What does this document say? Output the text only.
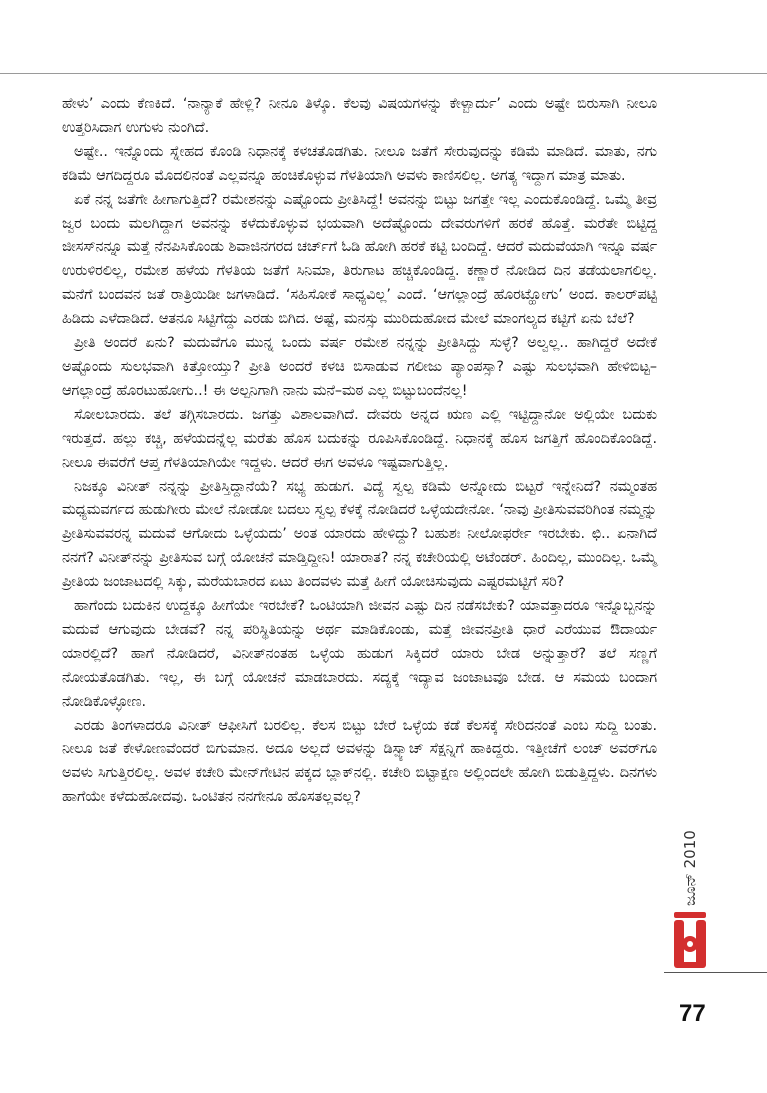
ಹೇಳು’ ಎಂದು ಕೆಣಕಿದೆ. ‘ನಾನ್ಯಾಕೆ ಹೇಳ್ಲಿ? ನೀನೂ ತಿಳ್ಕೊ. ಕೆಲವು ವಿಷಯಗಳನ್ನು ಕೇಳ್ಬಾರ್ದು’ ಎಂದು ಅಷ್ಟೇ ಬಿರುಸಾಗಿ ನೀಲೂ ಉತ್ತರಿಸಿದಾಗ ಉಗುಳು ನುಂಗಿದೆ.

ಅಷ್ಟೇ.. ಇನ್ನೊಂದು ಸ್ನೇಹದ ಕೊಂಡಿ ನಿಧಾನಕ್ಕೆ ಕಳಚತೊಡಗಿತು. ನೀಲೂ ಜತೆಗೆ ಸೇರುವುದನ್ನು ಕಡಿಮೆ ಮಾಡಿದೆ. ಮಾತು, ನಗು ಕಡಿಮೆ ಆಗದಿದ್ದರೂ ಮೊದಲಿನಂತೆ ಎಲ್ಲವನ್ನೂ ಹಂಚಿಕೊಳ್ಳುವ ಗೆಳತಿಯಾಗಿ ಅವಳು ಕಾಣಿಸಲಿಲ್ಲ. ಅಗತ್ಯ ಇದ್ದಾಗ ಮಾತ್ರ ಮಾತು.

ಏಕೆ ನನ್ನ ಜತೆಗೇ ಹೀಗಾಗುತ್ತಿದೆ? ರಮೇಶನನ್ನು ಎಷ್ಟೊಂದು ಪ್ರೀತಿಸಿದ್ದೆ! ಅವನನ್ನು ಬಿಟ್ಟು ಜಗತ್ತೇ ಇಲ್ಲ ಎಂದುಕೊಂಡಿದ್ದೆ. ಒಮ್ಮೆ ತೀವ್ರ ಜ್ವರ ಬಂದು ಮಲಗಿದ್ದಾಗ ಅವನನ್ನು ಕಳೆದುಕೊಳ್ಳುವ ಭಯವಾಗಿ ಅದೆಷ್ಟೊಂದು ದೇವರುಗಳಿಗೆ ಹರಕೆ ಹೊತ್ತೆ. ಮರೆತೇ ಬಿಟ್ಟಿದ್ದ ಜೀಸಸ್‌ನನ್ನೂ ಮತ್ತೆ ನೆನಪಿಸಿಕೊಂಡು ಶಿವಾಜಿನಗರದ ಚರ್ಚ್‌ಗೆ ಓಡಿ ಹೋಗಿ ಹರಕೆ ಕಟ್ಟಿ ಬಂದಿದ್ದೆ. ಆದರೆ ಮದುವೆಯಾಗಿ ಇನ್ನೂ ವರ್ಷ ಉರುಳಿರಲಿಲ್ಲ, ರಮೇಶ ಹಳೆಯ ಗೆಳತಿಯ ಜತೆಗೆ ಸಿನಿಮಾ, ತಿರುಗಾಟ ಹಚ್ಚಿಕೊಂಡಿದ್ದ. ಕಣ್ಣಾರೆ ನೋಡಿದ ದಿನ ತಡೆಯಲಾಗಲಿಲ್ಲ. ಮನೆಗೆ ಬಂದವನ ಜತೆ ರಾತ್ರಿಯಿಡೀ ಜಗಳಾಡಿದೆ. ‘ಸಹಿಸೋಕೆ ಸಾಧ್ಯವಿಲ್ಲ’ ಎಂದೆ. ‘ಆಗಲ್ಲಾಂದ್ರೆ ಹೊರಟ್ಹೋಗು’ ಅಂದ. ಕಾಲರ್‌ಪಟ್ಟಿ ಹಿಡಿದು ಎಳೆದಾಡಿದೆ. ಆತನೂ ಸಿಟ್ಟಿಗೆದ್ದು ಎರಡು ಬಿಗಿದ. ಅಷ್ಟೆ, ಮನಸ್ಸು ಮುರಿದುಹೋದ ಮೇಲೆ ಮಾಂಗಲ್ಯದ ಕಟ್ಟಿಗೆ ಏನು ಬೆಲೆ?

ಪ್ರೀತಿ ಅಂದರೆ ಏನು? ಮದುವೆಗೂ ಮುನ್ನ ಒಂದು ವರ್ಷ ರಮೇಶ ನನ್ನನ್ನು ಪ್ರೀತಿಸಿದ್ದು ಸುಳ್ಳೆ? ಅಲ್ವಲ್ಲ.. ಹಾಗಿದ್ದರೆ ಅದೇಕೆ ಅಷ್ಟೊಂದು ಸುಲಭವಾಗಿ ಕಿತ್ತೋಯ್ತು? ಪ್ರೀತಿ ಅಂದರೆ ಕಳಚಿ ಬಿಸಾಡುವ ಗಲೀಜು ಪ್ಯಾಂಪಸ್ಸಾ? ಎಷ್ಟು ಸುಲಭವಾಗಿ ಹೇಳಿಬಿಟ್ಟ– ಆಗಲ್ಲಾಂದ್ರೆ ಹೊರಟುಹೋಗು..! ಈ ಅಲ್ಪನಿಗಾಗಿ ನಾನು ಮನೆ–ಮಠ ಎಲ್ಲ ಬಿಟ್ಟುಬಂದೆನಲ್ಲ!

ಸೋಲಬಾರದು. ತಲೆ ತಗ್ಗಿಸಬಾರದು. ಜಗತ್ತು ವಿಶಾಲವಾಗಿದೆ. ದೇವರು ಅನ್ನದ ಋಣ ಎಲ್ಲಿ ಇಟ್ಟಿದ್ದಾನೋ ಅಲ್ಲಿಯೇ ಬದುಕು ಇರುತ್ತದೆ. ಹಲ್ಲು ಕಚ್ಚಿ, ಹಳೆಯದನ್ನೆಲ್ಲ ಮರೆತು ಹೊಸ ಬದುಕನ್ನು ರೂಪಿಸಿಕೊಂಡಿದ್ದೆ. ನಿಧಾನಕ್ಕೆ ಹೊಸ ಜಗತ್ತಿಗೆ ಹೊಂದಿಕೊಂಡಿದ್ದೆ. ನೀಲೂ ಈವರೆಗೆ ಆಪ್ತ ಗೆಳತಿಯಾಗಿಯೇ ಇದ್ದಳು. ಆದರೆ ಈಗ ಅವಳೂ ಇಷ್ಟವಾಗುತ್ತಿಲ್ಲ.

ನಿಜಕ್ಕೂ ವಿನೀತ್ ನನ್ನನ್ನು ಪ್ರೀತಿಸ್ತಿದ್ದಾನೆಯೆ? ಸಭ್ಯ ಹುಡುಗ. ವಿದ್ಯೆ ಸ್ವಲ್ಪ ಕಡಿಮೆ ಅನ್ನೋದು ಬಿಟ್ಟರೆ ಇನ್ನೇನಿದೆ? ನಮ್ಮಂತಹ ಮಧ್ಯಮವರ್ಗದ ಹುಡುಗೀರು ಮೇಲೆ ನೋಡೋ ಬದಲು ಸ್ವಲ್ಪ ಕೆಳಕ್ಕೆ ನೋಡಿದರೆ ಒಳ್ಳೆಯದೇನೋ. ‘ನಾವು ಪ್ರೀತಿಸುವವರಿಗಿಂತ ನಮ್ಮನ್ನು ಪ್ರೀತಿಸುವವರನ್ನ ಮದುವೆ ಆಗೋದು ಒಳ್ಳೆಯದು’ ಅಂತ ಯಾರದು ಹೇಳಿದ್ದು? ಬಹುಶಃ ನೀಲೋಫರ್ರೇ ಇರಬೇಕು. ಛಿ.. ಏನಾಗಿದೆ ನನಗೆ? ವಿನೀತ್‌ನನ್ನು ಪ್ರೀತಿಸುವ ಬಗ್ಗೆ ಯೋಚನೆ ಮಾಡ್ತಿದ್ದೀನಿ! ಯಾರಾತ? ನನ್ನ ಕಚೇರಿಯಲ್ಲಿ ಅಟೆಂಡರ್. ಹಿಂದಿಲ್ಲ, ಮುಂದಿಲ್ಲ. ಒಮ್ಮೆ ಪ್ರೀತಿಯ ಜಂಜಾಟದಲ್ಲಿ ಸಿಕ್ಕು, ಮರೆಯಬಾರದ ಏಟು ತಿಂದವಳು ಮತ್ತೆ ಹೀಗೆ ಯೋಚಿಸುವುದು ಎಷ್ಟರಮಟ್ಟಿಗೆ ಸರಿ?

ಹಾಗೆಂದು ಬದುಕಿನ ಉದ್ದಕ್ಕೂ ಹೀಗೆಯೇ ಇರಬೇಕೆ? ಒಂಟಿಯಾಗಿ ಜೀವನ ಎಷ್ಟು ದಿನ ನಡೆಸಬೇಕು? ಯಾವತ್ತಾದರೂ ಇನ್ನೊಬ್ಬನನ್ನು ಮದುವೆ ಆಗುವುದು ಬೇಡವೆ? ನನ್ನ ಪರಿಸ್ಥಿತಿಯನ್ನು ಅರ್ಥ ಮಾಡಿಕೊಂಡು, ಮತ್ತೆ ಜೀವನಪ್ರೀತಿ ಧಾರೆ ಎರೆಯುವ ಔದಾರ್ಯ ಯಾರಲ್ಲಿದೆ? ಹಾಗೆ ನೋಡಿದರೆ, ವಿನೀತ್‌ನಂತಹ ಒಳ್ಳೆಯ ಹುಡುಗ ಸಿಕ್ಕಿದರೆ ಯಾರು ಬೇಡ ಅನ್ನುತ್ತಾರೆ? ತಲೆ ಸಣ್ಣಗೆ ನೋಯತೊಡಗಿತು. ಇಲ್ಲ, ಈ ಬಗ್ಗೆ ಯೋಚನೆ ಮಾಡಬಾರದು. ಸದ್ಯಕ್ಕೆ ಇದ್ಯಾವ ಜಂಜಾಟವೂ ಬೇಡ. ಆ ಸಮಯ ಬಂದಾಗ ನೋಡಿಕೊಳ್ಳೋಣ.

ಎರಡು ತಿಂಗಳಾದರೂ ವಿನೀತ್ ಆಫೀಸಿಗೆ ಬರಲಿಲ್ಲ. ಕೆಲಸ ಬಿಟ್ಟು ಬೇರೆ ಒಳ್ಳೆಯ ಕಡೆ ಕೆಲಸಕ್ಕೆ ಸೇರಿದನಂತೆ ಎಂಬ ಸುದ್ದಿ ಬಂತು. ನೀಲೂ ಜತೆ ಕೇಳೋಣವೆಂದರೆ ಬಿಗುಮಾನ. ಅದೂ ಅಲ್ಲದೆ ಅವಳನ್ನು ಡಿಸ್ಪ್ಯಾಚ್ ಸೆಕ್ಷನ್ನಿಗೆ ಹಾಕಿದ್ದರು. ಇತ್ತೀಚೆಗೆ ಲಂಚ್ ಅವರ್‌ಗೂ ಅವಳು ಸಿಗುತ್ತಿರಲಿಲ್ಲ. ಅವಳ ಕಚೇರಿ ಮೇನ್‌ಗೇಟಿನ ಪಕ್ಕದ ಬ್ಲಾಕ್‌ನಲ್ಲಿ. ಕಚೇರಿ ಬಿಟ್ಟಾಕ್ಷಣ ಅಲ್ಲಿಂದಲೇ ಹೋಗಿ ಬಿಡುತ್ತಿದ್ದಳು. ದಿನಗಳು ಹಾಗೆಯೇ ಕಳೆದುಹೋದವು. ಒಂಟಿತನ ನನಗೇನೂ ಹೊಸತಲ್ಲವಲ್ಲ?

ಜೂನ್ 2010
77
